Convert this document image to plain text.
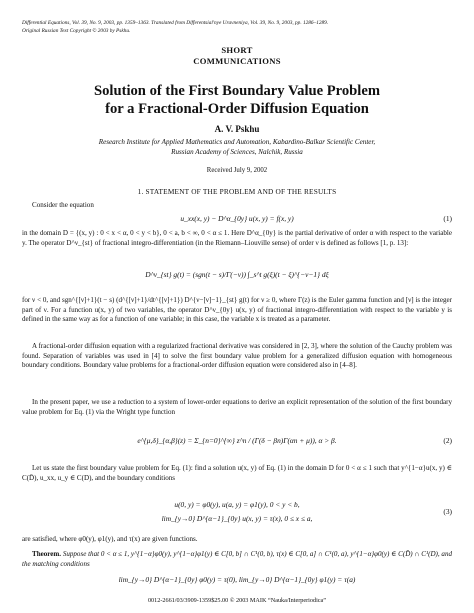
Differential Equations, Vol. 39, No. 9, 2003, pp. 1359–1363. Translated from Differentsial'nye Uravneniya, Vol. 39, No. 9, 2003, pp. 1286–1289.
Original Russian Text Copyright © 2003 by Pskhu.
SHORT
COMMUNICATIONS
Solution of the First Boundary Value Problem
for a Fractional-Order Diffusion Equation
A. V. Pskhu
Research Institute for Applied Mathematics and Automation, Kabardino-Balkar Scientific Center,
Russian Academy of Sciences, Nalchik, Russia
Received July 9, 2002
1. STATEMENT OF THE PROBLEM AND OF THE RESULTS
Consider the equation
u_xx(x, y) − D^α_{0y} u(x, y) = f(x, y)	(1)
in the domain D = {(x, y) : 0 < x < α, 0 < y < b}, 0 < a, b < ∞, 0 < α ≤ 1. Here D^α_{0y} is the partial derivative of order α with respect to the variable y. The operator D^ν_{st} of fractional integro-differentiation (in the Riemann–Liouville sense) of order ν is defined as follows [1, p. 13]:
D^ν_{st} g(t) = (sgn(t − s)/Γ(−ν)) ∫_s^t g(ξ)(t − ξ)^{−ν−1} dξ
for ν < 0, and sgn^{[ν]+1}(t − s) (d^{[ν]+1}/dt^{[ν]+1}) D^{ν−[ν]−1}_{st} g(t) for ν ≥ 0, where Γ(z) is the Euler gamma function and [ν] is the integer part of ν. For a function u(x, y) of two variables, the operator D^ν_{0y} u(x, y) of fractional integro-differentiation with respect to the variable y is defined in the same way as for a function of one variable; in this case, the variable x is treated as a parameter.
A fractional-order diffusion equation with a regularized fractional derivative was considered in [2, 3], where the solution of the Cauchy problem was found. Separation of variables was used in [4] to solve the first boundary value problem for a generalized diffusion equation with homogeneous boundary conditions. Boundary value problems for a fractional-order diffusion equation were considered also in [4–8].
In the present paper, we use a reduction to a system of lower-order equations to derive an explicit representation of the solution of the first boundary value problem for Eq. (1) via the Wright type function
e^{μ,δ}_{α,β}(z) = Σ_{n=0}^{∞} z^n / (Γ(δ − βn)Γ(αn + μ)), α > β.	(2)
Let us state the first boundary value problem for Eq. (1): find a solution u(x, y) of Eq. (1) in the domain D for 0 < α ≤ 1 such that y^{1−α}u(x, y) ∈ C(D̄), u_xx, u_y ∈ C(D), and the boundary conditions
u(0, y) = φ0(y), u(a, y) = φ1(y), 0 < y < b,
lim_{y→0} D^{α−1}_{0y} u(x, y) = τ(x), 0 ≤ x ≤ a,
(3)
are satisfied, where φ0(y), φ1(y), and τ(x) are given functions.
Theorem. Suppose that 0 < α ≤ 1, y^{1−α}φ0(y), y^{1−α}φ1(y) ∈ C[0, b] ∩ C¹(0, b), τ(x) ∈ C[0, a] ∩ C¹(0, a), y^{1−α}φ0(y) ∈ C(D̄) ∩ C¹(D), and the matching conditions
lim_{y→0} D^{α−1}_{0y} φ0(y) = τ(0), lim_{y→0} D^{α−1}_{0y} φ1(y) = τ(a)
0012-2661/03/3909-1359$25.00 © 2003 MAIK “Nauka/Interperiodica”
